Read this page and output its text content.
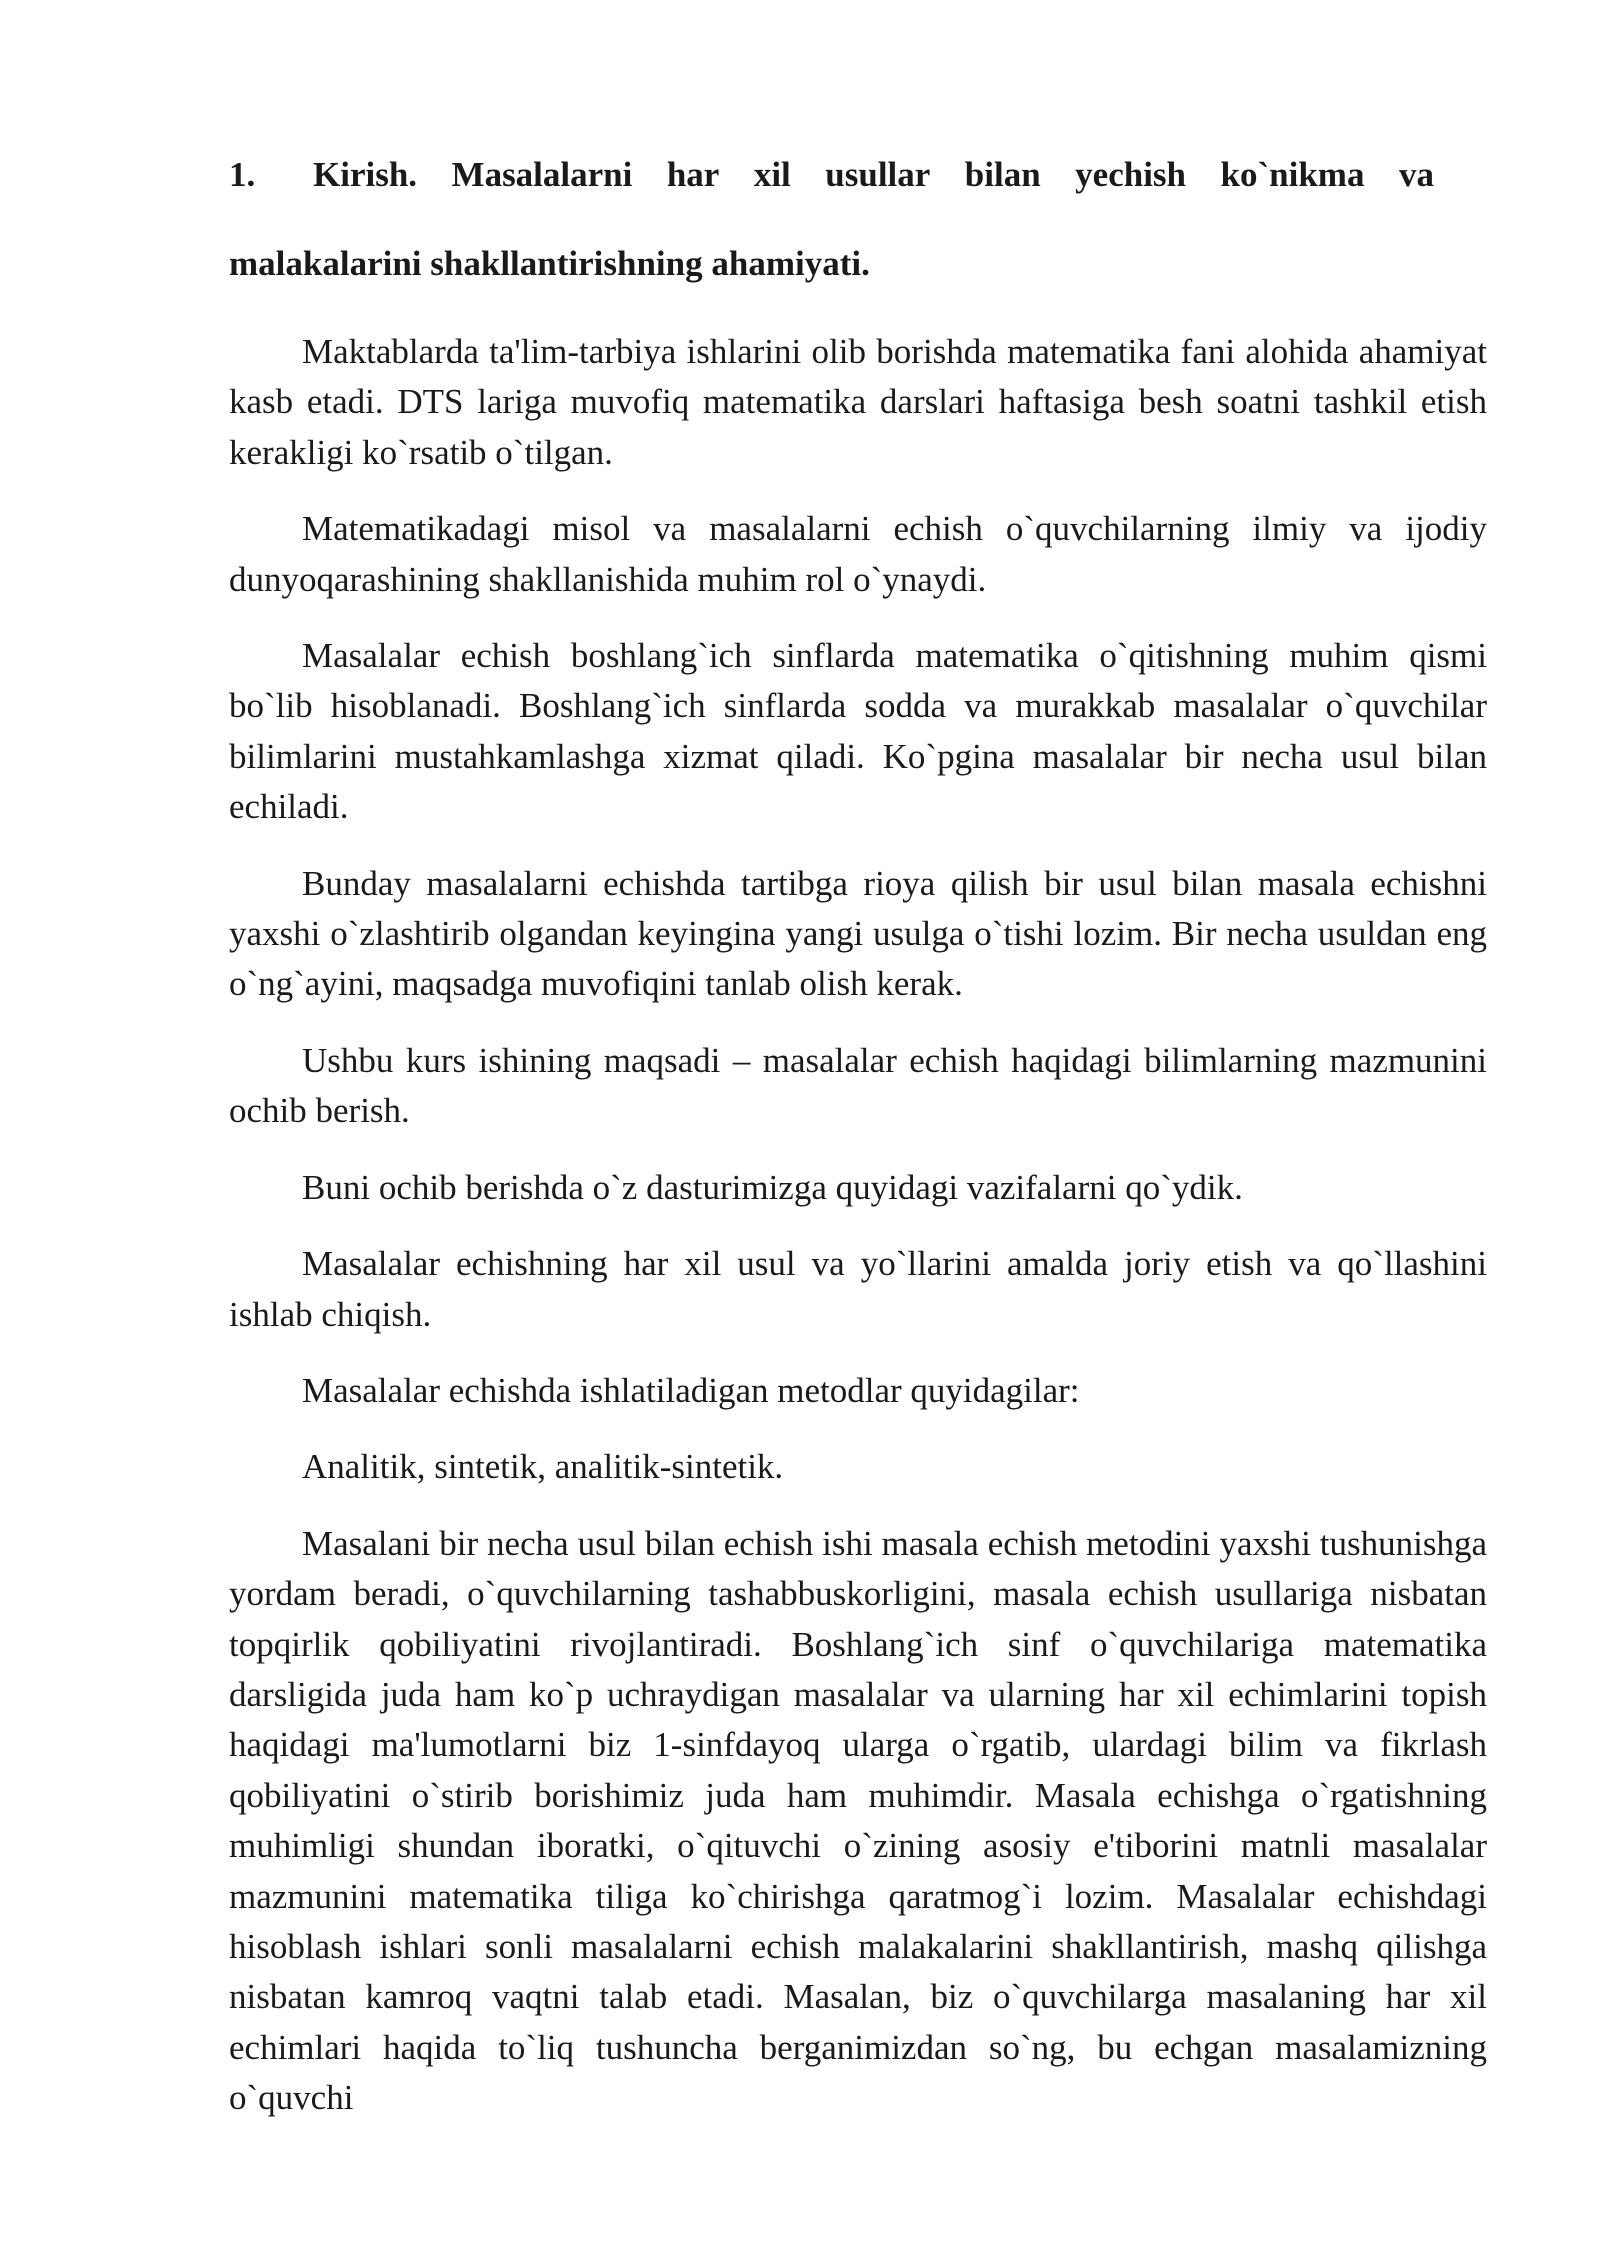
1.	Kirish. Masalalarni har xil usullar bilan yechish ko`nikma va
malakalarini shakllantirishning ahamiyati.

Maktablarda ta'lim-tarbiya ishlarini olib borishda matematika fani alohida ahamiyat kasb etadi. DTS lariga muvofiq matematika darslari haftasiga besh soatni tashkil etish kerakligi ko`rsatib o`tilgan.

Matematikadagi misol va masalalarni echish o`quvchilarning ilmiy va ijodiy dunyoqarashining shakllanishida muhim rol o`ynaydi.

Masalalar echish boshlang`ich sinflarda matematika o`qitishning muhim qismi bo`lib hisoblanadi. Boshlang`ich sinflarda sodda va murakkab masalalar o`quvchilar bilimlarini mustahkamlashga xizmat qiladi. Ko`pgina masalalar bir necha usul bilan echiladi.

Bunday masalalarni echishda tartibga rioya qilish bir usul bilan masala echishni yaxshi o`zlashtirib olgandan keyingina yangi usulga o`tishi lozim. Bir necha usuldan eng o`ng`ayini, maqsadga muvofiqini tanlab olish kerak.

Ushbu kurs ishining maqsadi – masalalar echish haqidagi bilimlarning mazmunini ochib berish.

Buni ochib berishda o`z dasturimizga quyidagi vazifalarni qo`ydik.

Masalalar echishning har xil usul va yo`llarini amalda joriy etish va qo`llashini ishlab chiqish.

Masalalar echishda ishlatiladigan metodlar quyidagilar:

Analitik, sintetik, analitik-sintetik.

Masalani bir necha usul bilan echish ishi masala echish metodini yaxshi tushunishga yordam beradi, o`quvchilarning tashabbuskorligini, masala echish usullariga nisbatan topqirlik qobiliyatini rivojlantiradi. Boshlang`ich sinf o`quvchilariga matematika darsligida juda ham ko`p uchraydigan masalalar va ularning har xil echimlarini topish haqidagi ma'lumotlarni biz 1-sinfdayoq ularga o`rgatib, ulardagi bilim va fikrlash qobiliyatini o`stirib borishimiz juda ham muhimdir. Masala echishga o`rgatishning muhimligi shundan iboratki, o`qituvchi o`zining asosiy e'tiborini matnli masalalar mazmunini matematika tiliga ko`chirishga qaratmog`i lozim. Masalalar echishdagi hisoblash ishlari sonli masalalarni echish malakalarini shakllantirish, mashq qilishga nisbatan kamroq vaqtni talab etadi. Masalan, biz o`quvchilarga masalaning har xil echimlari haqida to`liq tushuncha berganimizdan so`ng, bu echgan masalamizning o`quvchi
